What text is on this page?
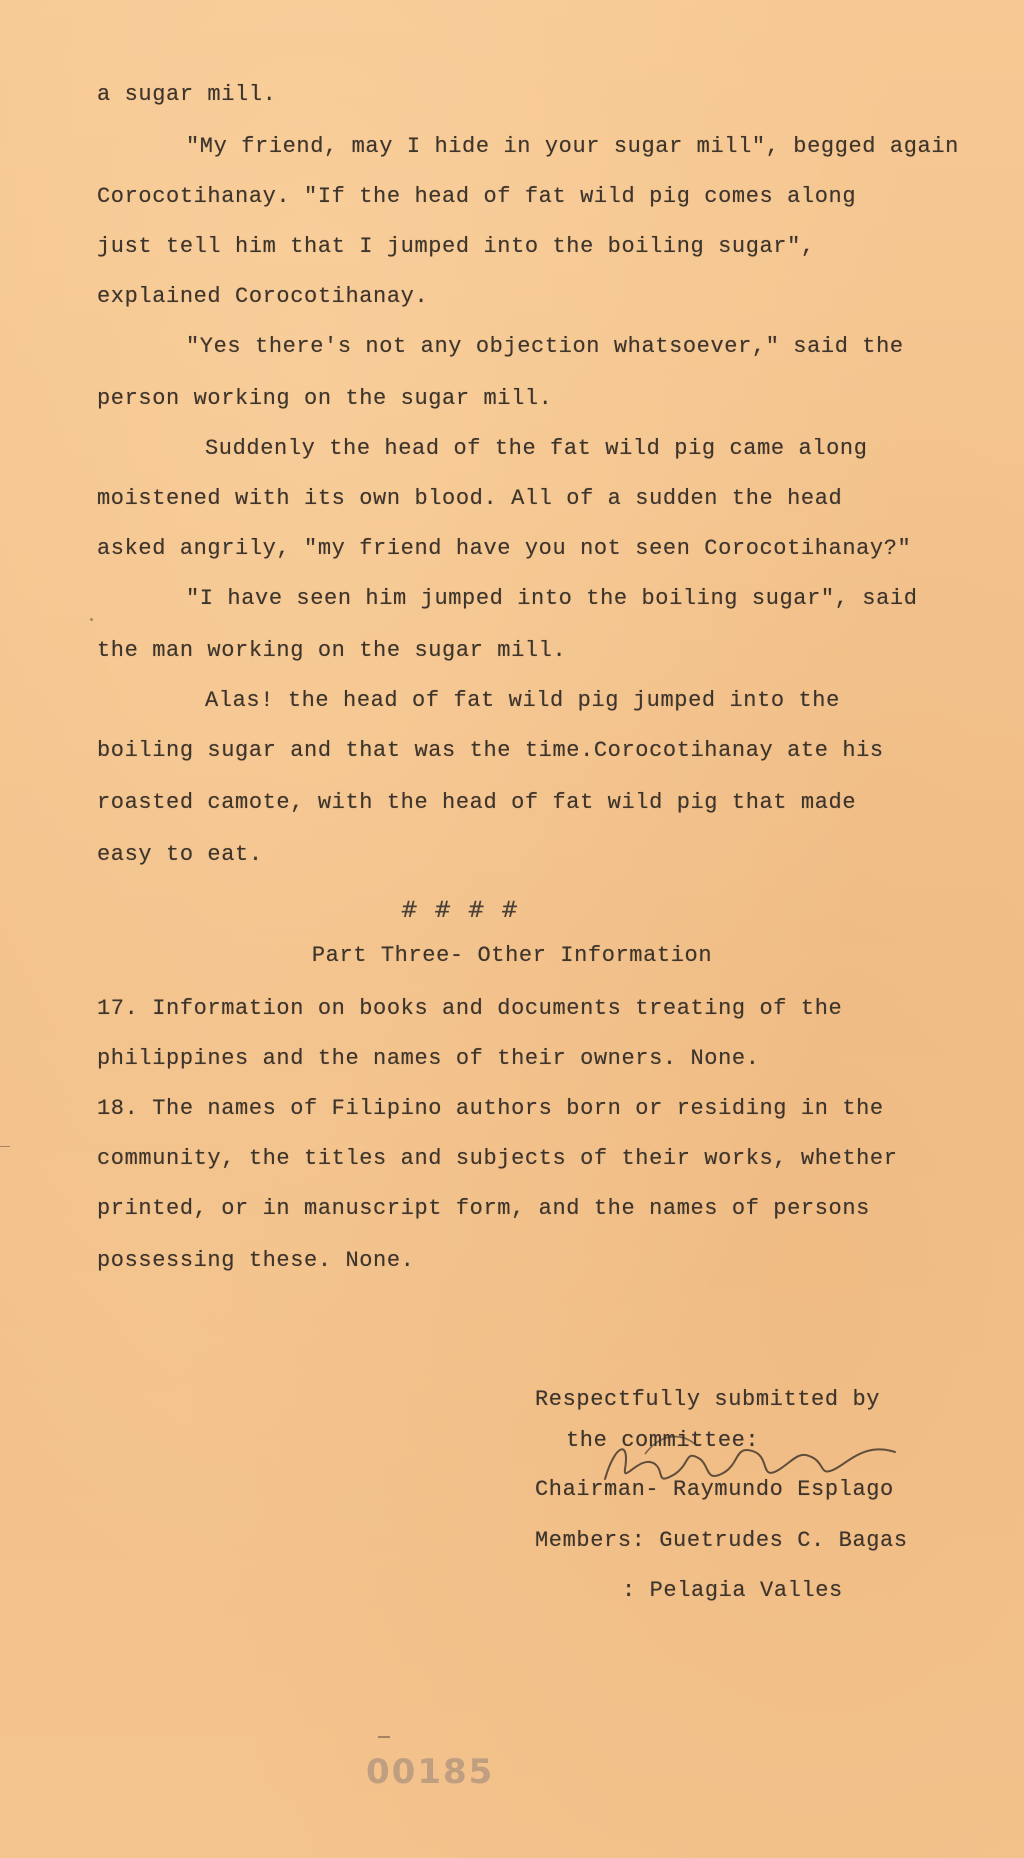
a sugar mill.
"My friend, may I hide in your sugar mill", begged again
Corocotihanay. "If the head of fat wild pig comes along
just tell him that I jumped into the boiling sugar",
explained Corocotihanay.
"Yes there's not any objection whatsoever," said the
person working on the sugar mill.
Suddenly the head of the fat wild pig came along
moistened with its own blood. All of a sudden the head
asked angrily, "my friend have you not seen Corocotihanay?"
"I have seen him jumped into the boiling sugar", said
the man working on the sugar mill.
Alas! the head of fat wild pig jumped into the
boiling sugar and that was the time.Corocotihanay ate his
roasted camote, with the head of fat wild pig that made
easy to eat.
# # # #
Part Three- Other Information
17. Information on books and documents treating of the
philippines and the names of their owners. None.
18. The names of Filipino authors born or residing in the
community, the titles and subjects of their works, whether
printed, or in manuscript form, and the names of persons
possessing these. None.
Respectfully submitted by
the committee:
Chairman- Raymundo Esplago
Members: Guetrudes C. Bagas
: Pelagia Valles
00185
